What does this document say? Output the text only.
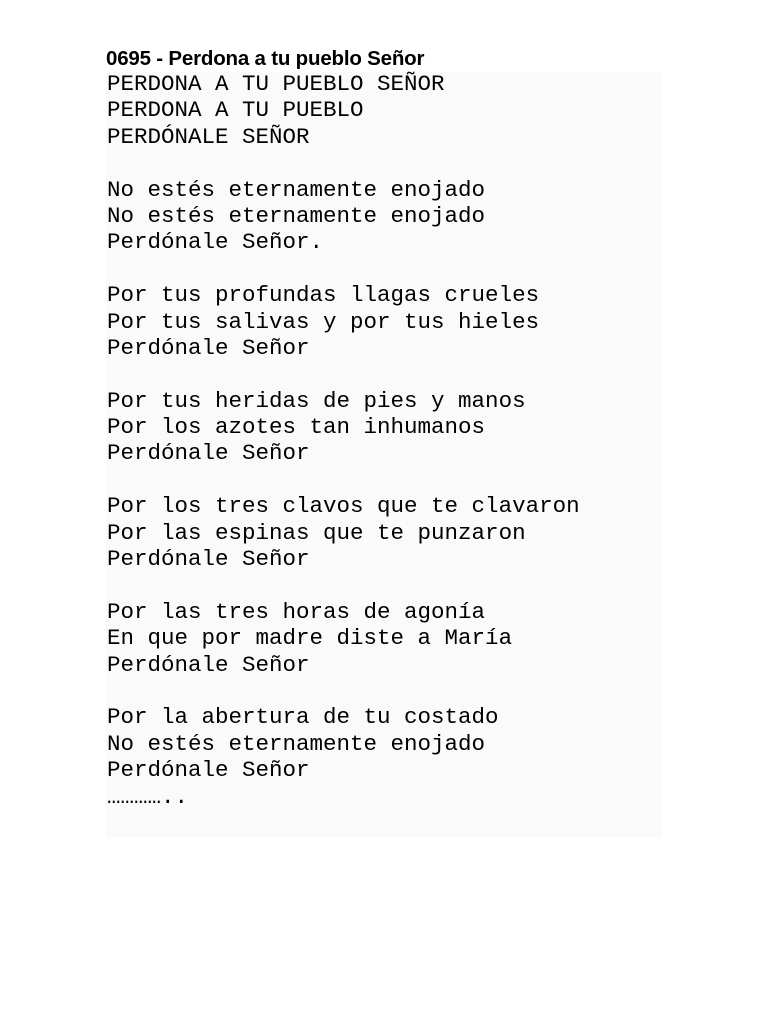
0695 - Perdona a tu pueblo Señor
PERDONA A TU PUEBLO SEÑOR
PERDONA A TU PUEBLO
PERDÓNALE SEÑOR
No estés eternamente enojado
No estés eternamente enojado
Perdónale Señor.
Por tus profundas llagas crueles
Por tus salivas y por tus hieles
Perdónale Señor
Por tus heridas de pies y manos
Por los azotes tan inhumanos
Perdónale Señor
Por los tres clavos que te clavaron
Por las espinas que te punzaron
Perdónale Señor
Por las tres horas de agonía
En que por madre diste a María
Perdónale Señor
Por la abertura de tu costado
No estés eternamente enojado
Perdónale Señor
…………..
